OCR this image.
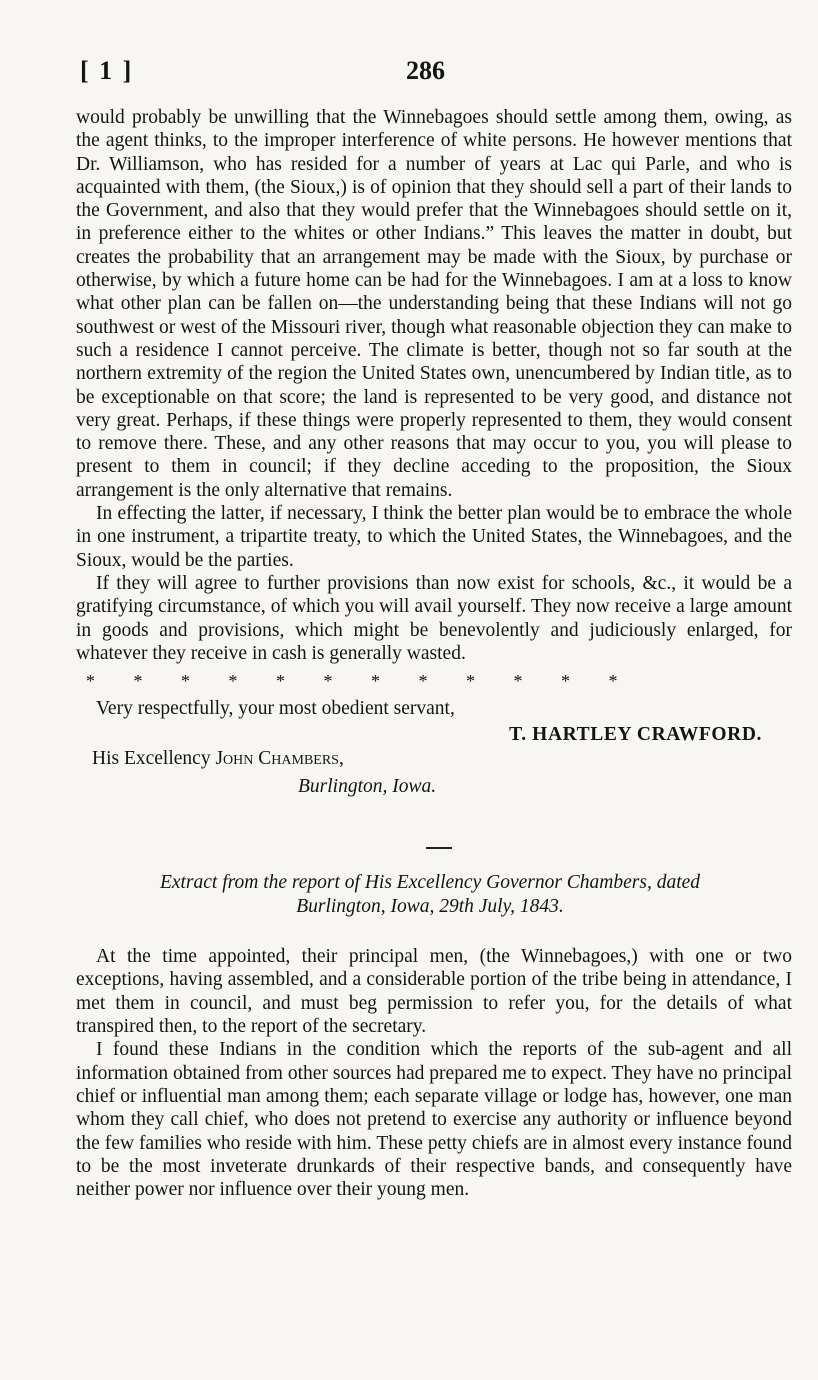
[ 1 ]	286

would probably be unwilling that the Winnebagoes should settle among them, owing, as the agent thinks, to the improper interference of white persons. He however mentions that Dr. Williamson, who has resided for a number of years at Lac qui Parle, and who is acquainted with them, (the Sioux,) is of opinion that they should sell a part of their lands to the Government, and also that they would prefer that the Winnebagoes should settle on it, in preference either to the whites or other Indians.” This leaves the matter in doubt, but creates the probability that an arrangement may be made with the Sioux, by purchase or otherwise, by which a future home can be had for the Winnebagoes. I am at a loss to know what other plan can be fallen on—the understanding being that these Indians will not go southwest or west of the Missouri river, though what reasonable objection they can make to such a residence I cannot perceive. The climate is better, though not so far south at the northern extremity of the region the United States own, unencumbered by Indian title, as to be exceptionable on that score; the land is represented to be very good, and distance not very great. Perhaps, if these things were properly represented to them, they would consent to remove there. These, and any other reasons that may occur to you, you will please to present to them in council; if they decline acceding to the proposition, the Sioux arrangement is the only alternative that remains.

In effecting the latter, if necessary, I think the better plan would be to embrace the whole in one instrument, a tripartite treaty, to which the United States, the Winnebagoes, and the Sioux, would be the parties.

If they will agree to further provisions than now exist for schools, &c., it would be a gratifying circumstance, of which you will avail yourself. They now receive a large amount in goods and provisions, which might be benevolently and judiciously enlarged, for whatever they receive in cash is generally wasted.

* * * * * * * * * * * *
Very respectfully, your most obedient servant,
T. HARTLEY CRAWFORD.
His Excellency John Chambers,
Burlington, Iowa.
Extract from the report of His Excellency Governor Chambers, dated
Burlington, Iowa, 29th July, 1843.

At the time appointed, their principal men, (the Winnebagoes,) with one or two exceptions, having assembled, and a considerable portion of the tribe being in attendance, I met them in council, and must beg permission to refer you, for the details of what transpired then, to the report of the secretary.

I found these Indians in the condition which the reports of the sub-agent and all information obtained from other sources had prepared me to expect. They have no principal chief or influential man among them; each separate village or lodge has, however, one man whom they call chief, who does not pretend to exercise any authority or influence beyond the few families who reside with him. These petty chiefs are in almost every instance found to be the most inveterate drunkards of their respective bands, and consequently have neither power nor influence over their young men.
